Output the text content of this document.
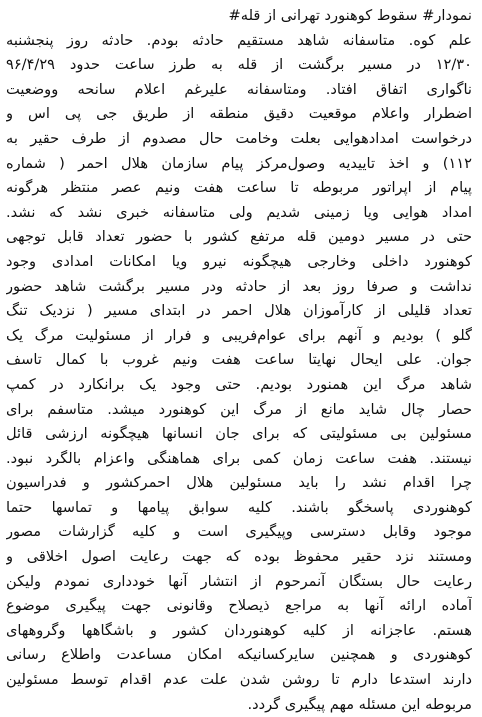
نمودار# سقوط کوهنورد تهرانی از قله#
علم کوه. متاسفانه شاهد مستقیم حادثه بودم. حادثه روز پنجشنبه
۱۲/۳۰ در مسیر برگشت از قله به طرز ساعت حدود ۹۶/۴/۲۹
ناگواری اتفاق افتاد. ومتاسفانه علیرغم اعلام سانحه ووضعیت
اضطرار واعلام موقعیت دقیق منطقه از طریق جی پی اس و
درخواست امدادهوایی بعلت وخامت حال مصدوم از طرف حقیر به
۱۱۲) و اخذ تاییدیه وصول‌مرکز پیام سازمان هلال احمر ( شماره
پیام از اپراتور مربوطه تا ساعت هفت ونیم عصر منتظر هرگونه
امداد هوایی ویا زمینی شدیم ولی متاسفانه خبری نشد که نشد.
حتی در مسیر دومین قله مرتفع کشور با حضور تعداد قابل توجهی
کوهنورد داخلی وخارجی هیچگونه نیرو ویا امکانات امدادی وجود
نداشت و صرفا روز بعد از حادثه ودر مسیر برگشت شاهد حضور
تعداد قلیلی از کارآموزان هلال احمر در ابتدای مسیر ( نزدیک تنگ
گلو ) بودیم و آنهم برای عوام‌فریبی و فرار از مسئولیت مرگ یک
جوان. علی ایحال نهایتا ساعت هفت ونیم غروب با کمال تاسف
شاهد مرگ این همنورد بودیم. حتی وجود یک برانکارد در کمپ
حصار چال شاید مانع از مرگ این کوهنورد میشد. متاسفم برای
مسئولین بی مسئولیتی که برای جان انسانها هیچگونه ارزشی قائل
نیستند. هفت ساعت زمان کمی برای هماهنگی واعزام بالگرد نبود.
چرا اقدام نشد را باید مسئولین هلال احمرکشور و فدراسیون
کوهنوردی پاسخگو باشند. کلیه سوابق پیامها و تماسها حتما
موجود وقابل دسترسی وپیگیری است و کلیه گزارشات مصور
ومستند نزد حقیر محفوظ بوده که جهت رعایت اصول اخلاقی و
رعایت حال بستگان آنمرحوم از انتشار آنها خودداری نمودم ولیکن
آماده ارائه آنها به مراجع ذیصلاح وقانونی جهت پیگیری موضوع
هستم. عاجزانه از کلیه کوهنوردان کشور و باشگاهها وگروههای
کوهنوردی و همچنین سایرکسانیکه امکان مساعدت واطلاع رسانی
دارند استدعا دارم تا روشن شدن علت عدم اقدام توسط مسئولین
مربوطه این مسئله مهم پیگیری گردد.
